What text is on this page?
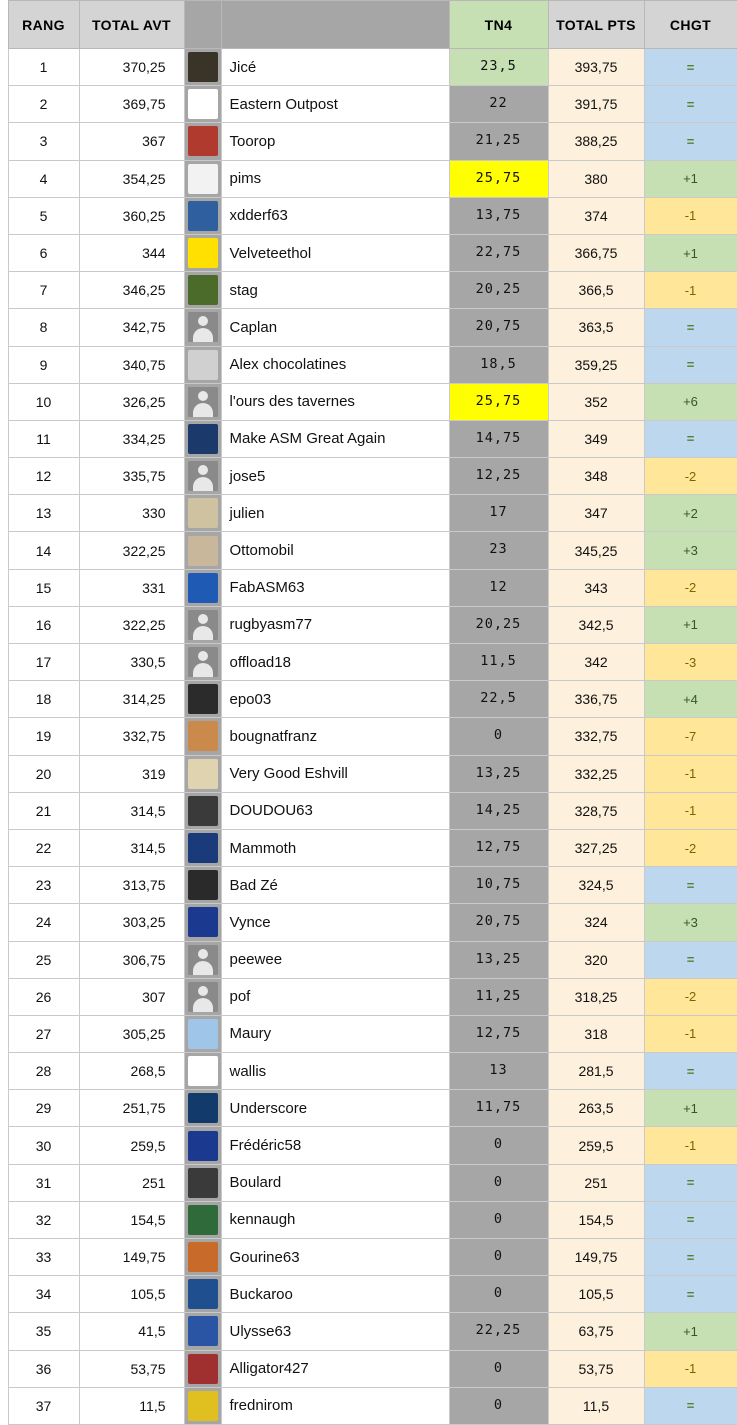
	RANG	TOTAL AVT			TN4	TOTAL PTS	CHGT
	1	370,25		Jicé	23,5	393,75	=
	2	369,75		Eastern Outpost	22	391,75	=
	3	367		Toorop	21,25	388,25	=
	4	354,25		pims	25,75	380	+1
	5	360,25		xdderf63	13,75	374	-1
	6	344		Velveteethol	22,75	366,75	+1
	7	346,25		stag	20,25	366,5	-1
	8	342,75		Caplan	20,75	363,5	=
	9	340,75		Alex chocolatines	18,5	359,25	=
	10	326,25		l'ours des tavernes	25,75	352	+6
	11	334,25		Make ASM Great Again	14,75	349	=
	12	335,75		jose5	12,25	348	-2
	13	330		julien	17	347	+2
	14	322,25		Ottomobil	23	345,25	+3
	15	331		FabASM63	12	343	-2
	16	322,25		rugbyasm77	20,25	342,5	+1
	17	330,5		offload18	11,5	342	-3
	18	314,25		epo03	22,5	336,75	+4
	19	332,75		bougnatfranz	0	332,75	-7
	20	319		Very Good Eshvill	13,25	332,25	-1
	21	314,5		DOUDOU63	14,25	328,75	-1
	22	314,5		Mammoth	12,75	327,25	-2
	23	313,75		Bad Zé	10,75	324,5	=
	24	303,25		Vynce	20,75	324	+3
	25	306,75		peewee	13,25	320	=
	26	307		pof	11,25	318,25	-2
	27	305,25		Maury	12,75	318	-1
	28	268,5		wallis	13	281,5	=
	29	251,75		Underscore	11,75	263,5	+1
	30	259,5		Frédéric58	0	259,5	-1
	31	251		Boulard	0	251	=
	32	154,5		kennaugh	0	154,5	=
	33	149,75		Gourine63	0	149,75	=
	34	105,5		Buckaroo	0	105,5	=
	35	41,5		Ulysse63	22,25	63,75	+1
	36	53,75		Alligator427	0	53,75	-1
	37	11,5		frednirom	0	11,5	=
